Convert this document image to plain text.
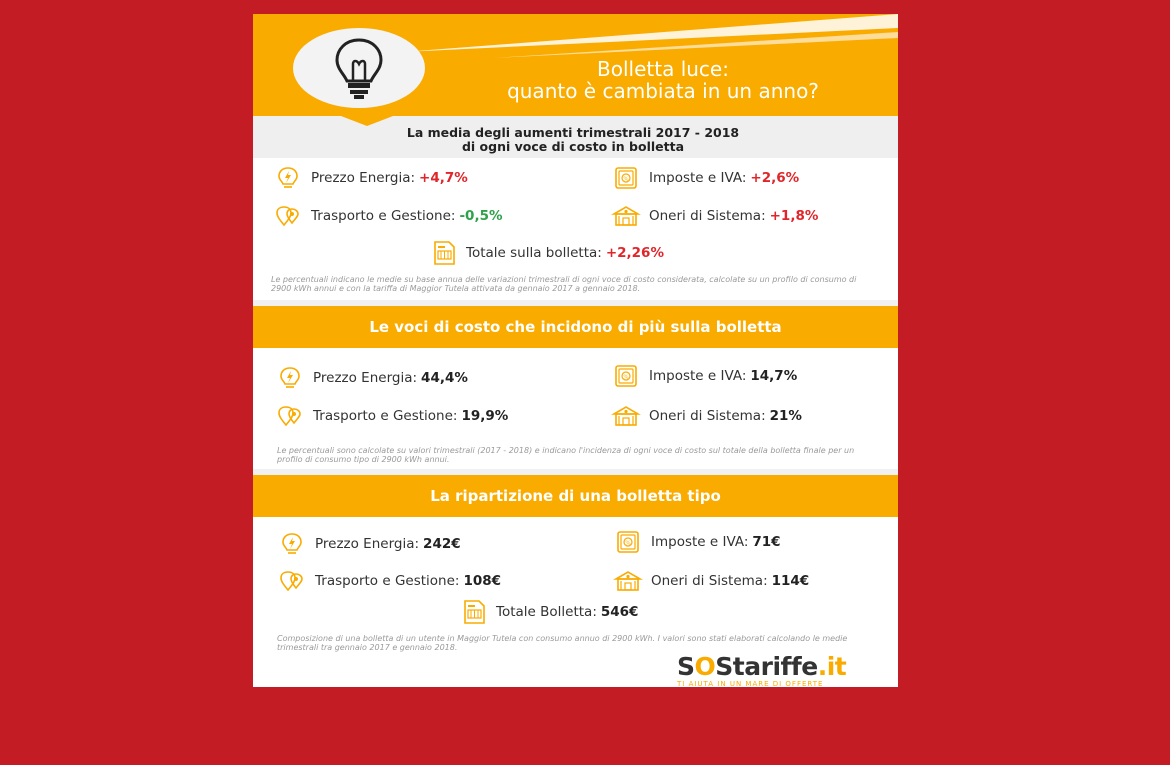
Bolletta luce:
quanto è cambiata in un anno?
La media degli aumenti trimestrali 2017 - 2018
di ogni voce di costo in bolletta
Prezzo Energia: +4,7%	Imposte e IVA: +2,6%
Trasporto e Gestione: -0,5%	Oneri di Sistema: +1,8%
Totale sulla bolletta: +2,26%
Le percentuali indicano le medie su base annua delle variazioni trimestrali di ogni voce di costo considerata, calcolate su un profilo di consumo di 2900 kWh annui e con la tariffa di Maggior Tutela attivata da gennaio 2017 a gennaio 2018.
Le voci di costo che incidono di più sulla bolletta
Prezzo Energia: 44,4%	Imposte e IVA: 14,7%
Trasporto e Gestione: 19,9%	Oneri di Sistema: 21%
Le percentuali sono calcolate su valori trimestrali (2017 - 2018) e indicano l'incidenza di ogni voce di costo sul totale della bolletta finale per un profilo di consumo tipo di 2900 kWh annui.
La ripartizione di una bolletta tipo
Prezzo Energia: 242€	Imposte e IVA: 71€
Trasporto e Gestione: 108€	Oneri di Sistema: 114€
Totale Bolletta: 546€
Composizione di una bolletta di un utente in Maggior Tutela con consumo annuo di 2900 kWh. I valori sono stati elaborati calcolando le medie trimestrali tra gennaio 2017 e gennaio 2018.
SOStariffe.it
TI AIUTA IN UN MARE DI OFFERTE
